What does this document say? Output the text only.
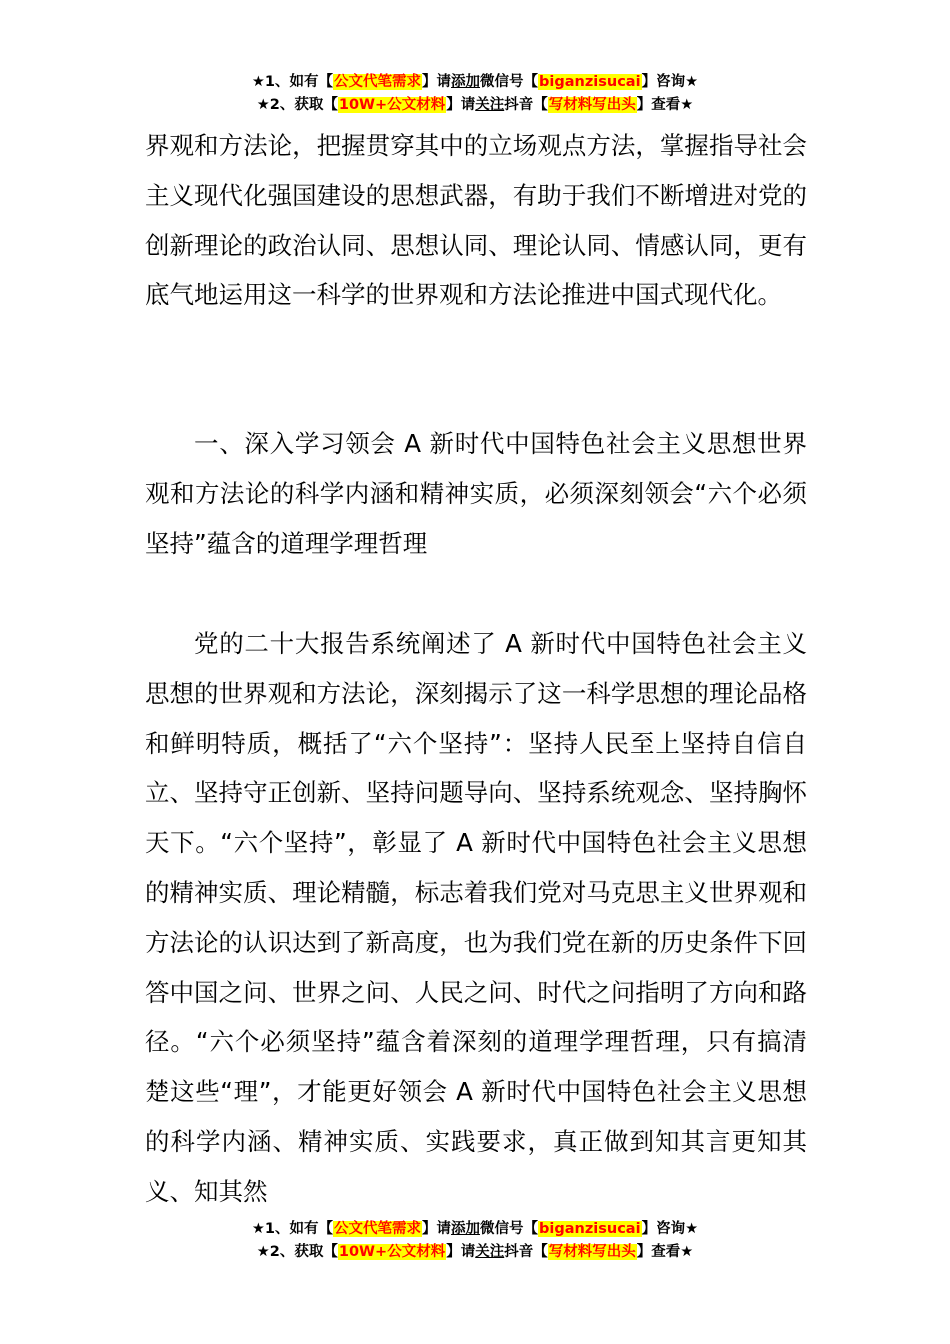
★1、如有【公文代笔需求】请添加微信号【biganzisucai】咨询★
★2、获取【10W+公文材料】请关注抖音【写材料写出头】查看★

界观和方法论，把握贯穿其中的立场观点方法，掌握指导社会主义现代化强国建设的思想武器，有助于我们不断增进对党的创新理论的政治认同、思想认同、理论认同、情感认同，更有底气地运用这一科学的世界观和方法论推进中国式现代化。

一、深入学习领会 A 新时代中国特色社会主义思想世界观和方法论的科学内涵和精神实质，必须深刻领会“六个必须坚持”蕴含的道理学理哲理

党的二十大报告系统阐述了 A 新时代中国特色社会主义思想的世界观和方法论，深刻揭示了这一科学思想的理论品格和鲜明特质，概括了“六个坚持”：坚持人民至上坚持自信自立、坚持守正创新、坚持问题导向、坚持系统观念、坚持胸怀天下。“六个坚持”，彰显了 A 新时代中国特色社会主义思想的精神实质、理论精髓，标志着我们党对马克思主义世界观和方法论的认识达到了新高度，也为我们党在新的历史条件下回答中国之问、世界之问、人民之问、时代之问指明了方向和路径。“六个必须坚持”蕴含着深刻的道理学理哲理，只有搞清楚这些“理”，才能更好领会 A 新时代中国特色社会主义思想的科学内涵、精神实质、实践要求，真正做到知其言更知其义、知其然

★1、如有【公文代笔需求】请添加微信号【biganzisucai】咨询★
★2、获取【10W+公文材料】请关注抖音【写材料写出头】查看★
